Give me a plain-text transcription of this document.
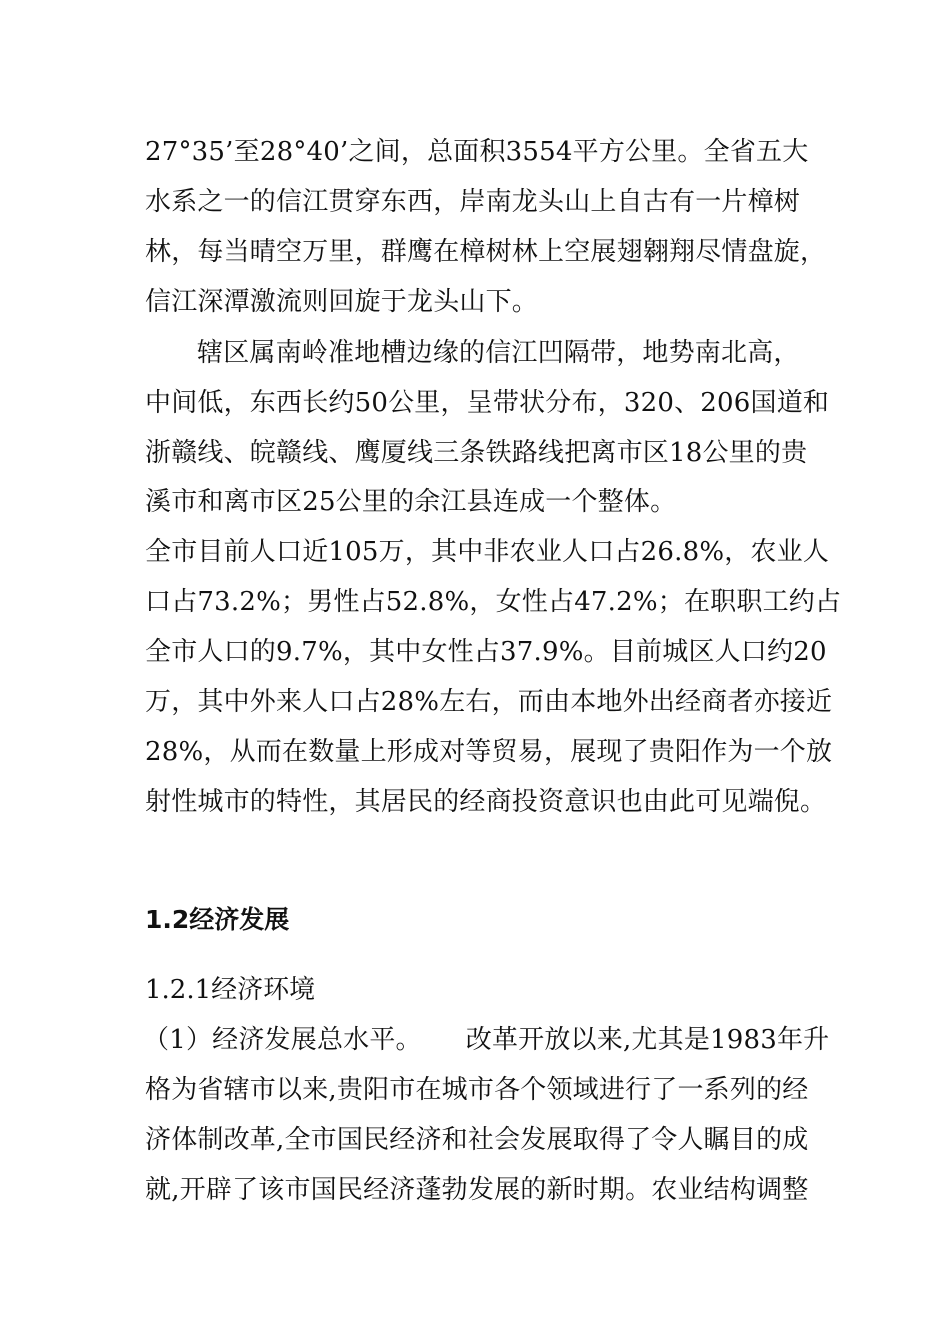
27°35’至28°40’之间，总面积3554平方公里。全省五大
水系之一的信江贯穿东西，岸南龙头山上自古有一片樟树
林，每当晴空万里，群鹰在樟树林上空展翅翱翔尽情盘旋，
信江深潭激流则回旋于龙头山下。
辖区属南岭准地槽边缘的信江凹隔带，地势南北高，
中间低，东西长约50公里，呈带状分布，320、206国道和
浙赣线、皖赣线、鹰厦线三条铁路线把离市区18公里的贵
溪市和离市区25公里的余江县连成一个整体。
全市目前人口近105万，其中非农业人口占26.8%，农业人
口占73.2%；男性占52.8%，女性占47.2%；在职职工约占
全市人口的9.7%，其中女性占37.9%。目前城区人口约20
万，其中外来人口占28%左右，而由本地外出经商者亦接近
28%，从而在数量上形成对等贸易，展现了贵阳作为一个放
射性城市的特性，其居民的经商投资意识也由此可见端倪。
1.2经济发展
1.2.1经济环境
（1）经济发展总水平。 改革开放以来,尤其是1983年升
格为省辖市以来,贵阳市在城市各个领域进行了一系列的经
济体制改革,全市国民经济和社会发展取得了令人瞩目的成
就,开辟了该市国民经济蓬勃发展的新时期。农业结构调整
